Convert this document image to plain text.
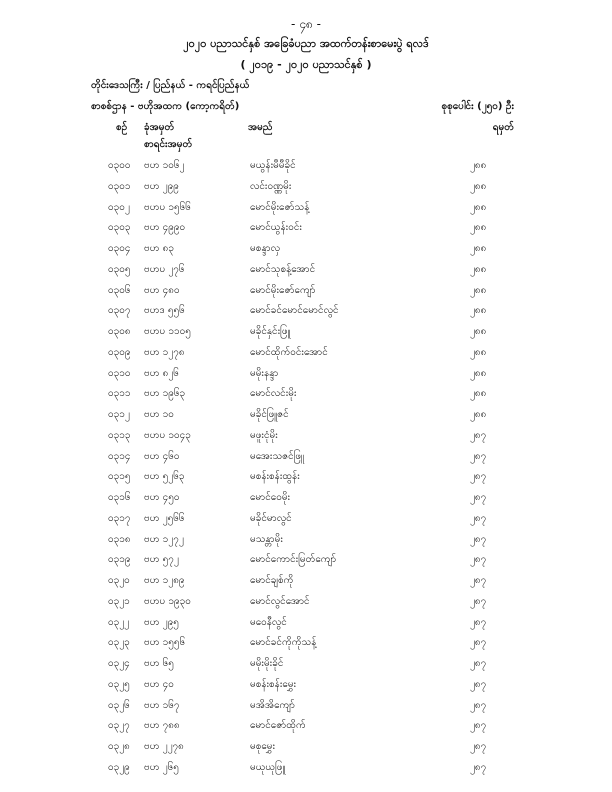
- ၄၈ -
၂၀၂၀ ပညာသင်နှစ် အခြေခံပညာ အထက်တန်းစာမေးပွဲ ရလဒ်
( ၂၀၁၉ - ၂၀၂၀ ပညာသင်နှစ် )
တိုင်းဒေသကြီး / ပြည်နယ် - ကရင်ပြည်နယ်
စာစစ်ဌာန - ဗဟိုအထက (ကော့ကရိတ်)	စုစုပေါင်း (၂၅၀) ဦး
စဉ် ခုံအမှတ်
စာရင်းအမှတ်
အမည်	ရမှတ်
၀၃၀၀ ဗဟ ၁၀၆၂	မယွန်းမီမီခိုင်	၂၈၈
၀၃၀၁ ဗဟ ၂၉၉	လင်းဝဏ္ဏမိုး	၂၈၈
၀၃၀၂ ဗဟပ ၁၅၆၆	မောင်မိုးဇော်သန့်	၂၈၈
၀၃၀၃ ဗဟ ၄၉၉၀	မောင်ယွန်းဝင်း	၂၈၈
၀၃၀၄ ဗဟ ၈၃	မစန္ဒာလှ	၂၈၈
၀၃၀၅ ဗဟပ ၂၇၆	မောင်သုစန့်အောင်	၂၈၈
၀၃၀၆ ဗဟ ၄၈၀	မောင်မိုးဇော်ကျော်	၂၈၈
၀၃၀၇ ဗဟဒ ၅၅၆	မောင်ခင်မောင်မောင်လွင်	၂၈၈
၀၃၀၈ ဗဟပ ၁၁၀၅	မခိုင်နှင်းဖြူ	၂၈၈
၀၃၀၉ ဗဟ ၁၂၇၈	မောင်ထိုက်ဝင်းအောင်	၂၈၈
၀၃၁၀ ဗဟ ၈၂၆	မမိုးနန္ဒာ	၂၈၈
၀၃၁၁ ဗဟ ၁၉၆၃	မောင်လင်းမိုး	၂၈၈
၀၃၁၂ ဗဟ ၁၀	မခိုင်ဖြူဇင်	၂၈၈
၀၃၁၃ ဗဟပ ၁၀၄၃	မဖူးငုံမိုး	၂၈၇
၀၃၁၄ ဗဟ ၄၆၀	မအေးသဇင်ဖြူ	၂၈၇
၀၃၁၅ ဗဟ ၅၂၆၃	မစန်းစန်းထွန်း	၂၈၇
၀၃၁၆ ဗဟ ၄၅၀	မောင်ဝေမိုး	၂၈၇
၀၃၁၇ ဗဟ ၂၅၆၆	မခိုင်မာလွင်	၂၈၇
၀၃၁၈ ဗဟ ၁၂၇၂	မသန္တာမိုး	၂၈၇
၀၃၁၉ ဗဟ ၅၇၂	မောင်ကောင်းမြတ်ကျော်	၂၈၇
၀၃၂၀ ဗဟ ၁၂၈၉	မောင်ချစ်ကို	၂၈၇
၀၃၂၁ ဗဟပ ၁၉၃၀	မောင်လွင်အောင်	၂၈၇
၀၃၂၂ ဗဟ ၂၉၅	မဝေနီလွင်	၂၈၇
၀၃၂၃ ဗဟ ၁၅၅၆	မောင်ခင်ကိုကိုသန့်	၂၈၇
၀၃၂၄ ဗဟ ၆၅	မမိုးမိုးခိုင်	၂၈၇
၀၃၂၅ ဗဟ ၄၀	မစန်းစန်းမွှေး	၂၈၇
၀၃၂၆ ဗဟ ၁၆၇	မအိအိကျော်	၂၈၇
၀၃၂၇ ဗဟ ၇၈၈	မောင်ဇော်ထိုက်	၂၈၇
၀၃၂၈ ဗဟ ၂၂၇၈	မစုမွှေး	၂၈၇
၀၃၂၉ ဗဟ ၂၆၅	မယုယုဖြူ	၂၈၇
